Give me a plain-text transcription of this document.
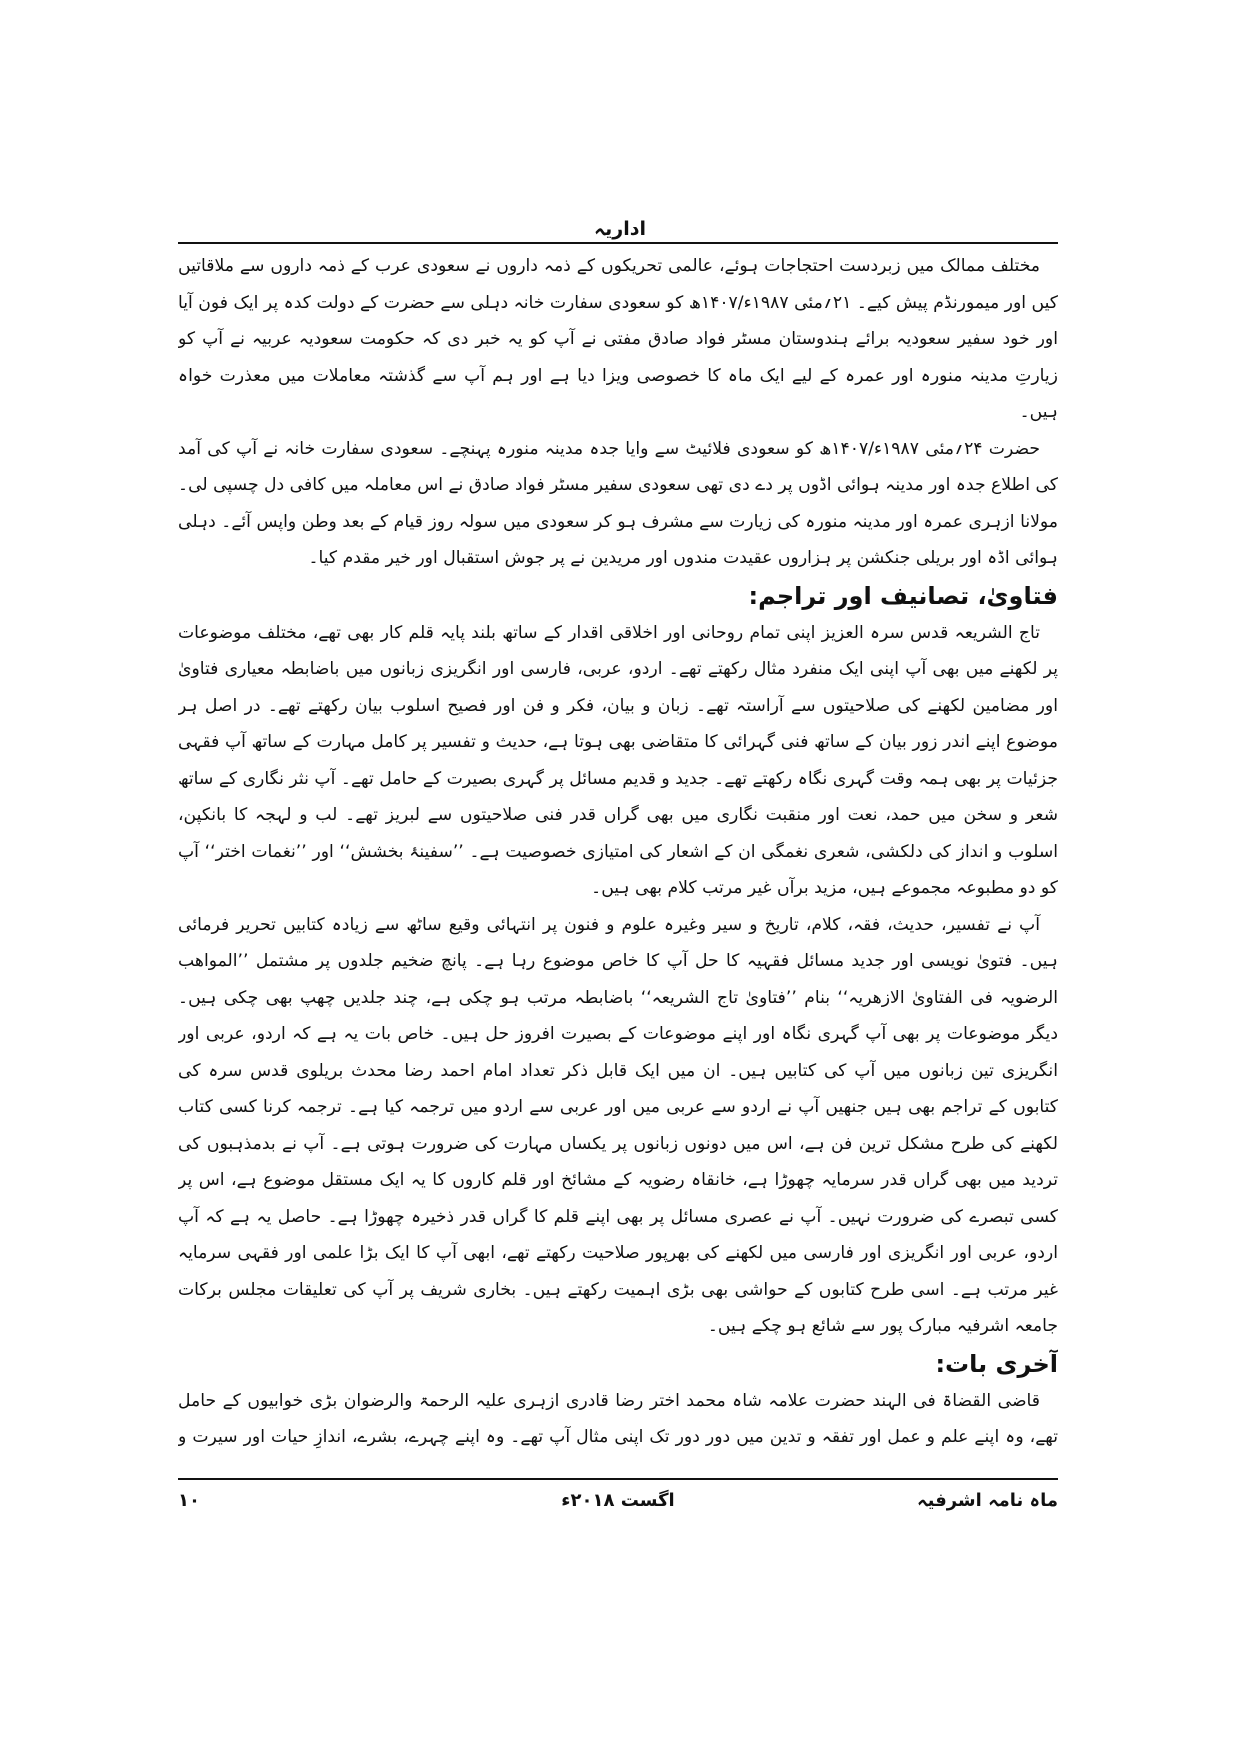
اداریہ

مختلف ممالک میں زبردست احتجاجات ہوئے، عالمی تحریکوں کے ذمہ داروں نے سعودی عرب کے ذمہ داروں سے ملاقاتیں کیں اور میمورنڈم پیش کیے۔ ۲۱؍مئی ۱۹۸۷ء/۱۴۰۷ھ کو سعودی سفارت خانہ دہلی سے حضرت کے دولت کدہ پر ایک فون آیا اور خود سفیر سعودیہ برائے ہندوستان مسٹر فواد صادق مفتی نے آپ کو یہ خبر دی کہ حکومت سعودیہ عربیہ نے آپ کو زیارتِ مدینہ منورہ اور عمرہ کے لیے ایک ماہ کا خصوصی ویزا دیا ہے اور ہم آپ سے گذشتہ معاملات میں معذرت خواہ ہیں۔

حضرت ۲۴؍مئی ۱۹۸۷ء/۱۴۰۷ھ کو سعودی فلائیٹ سے وایا جدہ مدینہ منورہ پہنچے۔ سعودی سفارت خانہ نے آپ کی آمد کی اطلاع جدہ اور مدینہ ہوائی اڈوں پر دے دی تھی سعودی سفیر مسٹر فواد صادق نے اس معاملہ میں کافی دل چسپی لی۔ مولانا ازہری عمرہ اور مدینہ منورہ کی زیارت سے مشرف ہو کر سعودی میں سولہ روز قیام کے بعد وطن واپس آئے۔ دہلی ہوائی اڈہ اور بریلی جنکشن پر ہزاروں عقیدت مندوں اور مریدین نے پر جوش استقبال اور خیر مقدم کیا۔

فتاویٰ، تصانیف اور تراجم:

تاج الشریعہ قدس سرہ العزیز اپنی تمام روحانی اور اخلاقی اقدار کے ساتھ بلند پایہ قلم کار بھی تھے، مختلف موضوعات پر لکھنے میں بھی آپ اپنی ایک منفرد مثال رکھتے تھے۔ اردو، عربی، فارسی اور انگریزی زبانوں میں باضابطہ معیاری فتاویٰ اور مضامین لکھنے کی صلاحیتوں سے آراستہ تھے۔ زبان و بیان، فکر و فن اور فصیح اسلوب بیان رکھتے تھے۔ در اصل ہر موضوع اپنے اندر زور بیان کے ساتھ فنی گہرائی کا متقاضی بھی ہوتا ہے، حدیث و تفسیر پر کامل مہارت کے ساتھ آپ فقہی جزئیات پر بھی ہمہ وقت گہری نگاہ رکھتے تھے۔ جدید و قدیم مسائل پر گہری بصیرت کے حامل تھے۔ آپ نثر نگاری کے ساتھ شعر و سخن میں حمد، نعت اور منقبت نگاری میں بھی گراں قدر فنی صلاحیتوں سے لبریز تھے۔ لب و لہجہ کا بانکپن، اسلوب و انداز کی دلکشی، شعری نغمگی ان کے اشعار کی امتیازی خصوصیت ہے۔ ’’سفینۂ بخشش‘‘ اور ’’نغمات اختر‘‘ آپ کو دو مطبوعہ مجموعے ہیں، مزید برآں غیر مرتب کلام بھی ہیں۔

آپ نے تفسیر، حدیث، فقہ، کلام، تاریخ و سیر وغیرہ علوم و فنون پر انتہائی وقیع ساٹھ سے زیادہ کتابیں تحریر فرمائی ہیں۔ فتویٰ نویسی اور جدید مسائل فقہیہ کا حل آپ کا خاص موضوع رہا ہے۔ پانچ ضخیم جلدوں پر مشتمل ’’المواھب الرضویہ فی الفتاویٰ الازھریہ‘‘ بنام ’’فتاویٰ تاج الشریعہ‘‘ باضابطہ مرتب ہو چکی ہے، چند جلدیں چھپ بھی چکی ہیں۔ دیگر موضوعات پر بھی آپ گہری نگاہ اور اپنے موضوعات کے بصیرت افروز حل ہیں۔ خاص بات یہ ہے کہ اردو، عربی اور انگریزی تین زبانوں میں آپ کی کتابیں ہیں۔ ان میں ایک قابل ذکر تعداد امام احمد رضا محدث بریلوی قدس سرہ کی کتابوں کے تراجم بھی ہیں جنھیں آپ نے اردو سے عربی میں اور عربی سے اردو میں ترجمہ کیا ہے۔ ترجمہ کرنا کسی کتاب لکھنے کی طرح مشکل ترین فن ہے، اس میں دونوں زبانوں پر یکساں مہارت کی ضرورت ہوتی ہے۔ آپ نے بدمذہبوں کی تردید میں بھی گراں قدر سرمایہ چھوڑا ہے، خانقاہ رضویہ کے مشائخ اور قلم کاروں کا یہ ایک مستقل موضوع ہے، اس پر کسی تبصرے کی ضرورت نہیں۔ آپ نے عصری مسائل پر بھی اپنے قلم کا گراں قدر ذخیرہ چھوڑا ہے۔ حاصل یہ ہے کہ آپ اردو، عربی اور انگریزی اور فارسی میں لکھنے کی بھرپور صلاحیت رکھتے تھے، ابھی آپ کا ایک بڑا علمی اور فقہی سرمایہ غیر مرتب ہے۔ اسی طرح کتابوں کے حواشی بھی بڑی اہمیت رکھتے ہیں۔ بخاری شریف پر آپ کی تعلیقات مجلس برکات جامعہ اشرفیہ مبارک پور سے شائع ہو چکے ہیں۔

آخری بات:

قاضی القضاۃ فی الہند حضرت علامہ شاہ محمد اختر رضا قادری ازہری علیہ الرحمۃ والرضوان بڑی خوابیوں کے حامل تھے، وہ اپنے علم و عمل اور تفقہ و تدین میں دور دور تک اپنی مثال آپ تھے۔ وہ اپنے چہرے، بشرے، اندازِ حیات اور سیرت و

ماہ نامہ اشرفیہ
اگست ۲۰۱۸ء
۱۰
